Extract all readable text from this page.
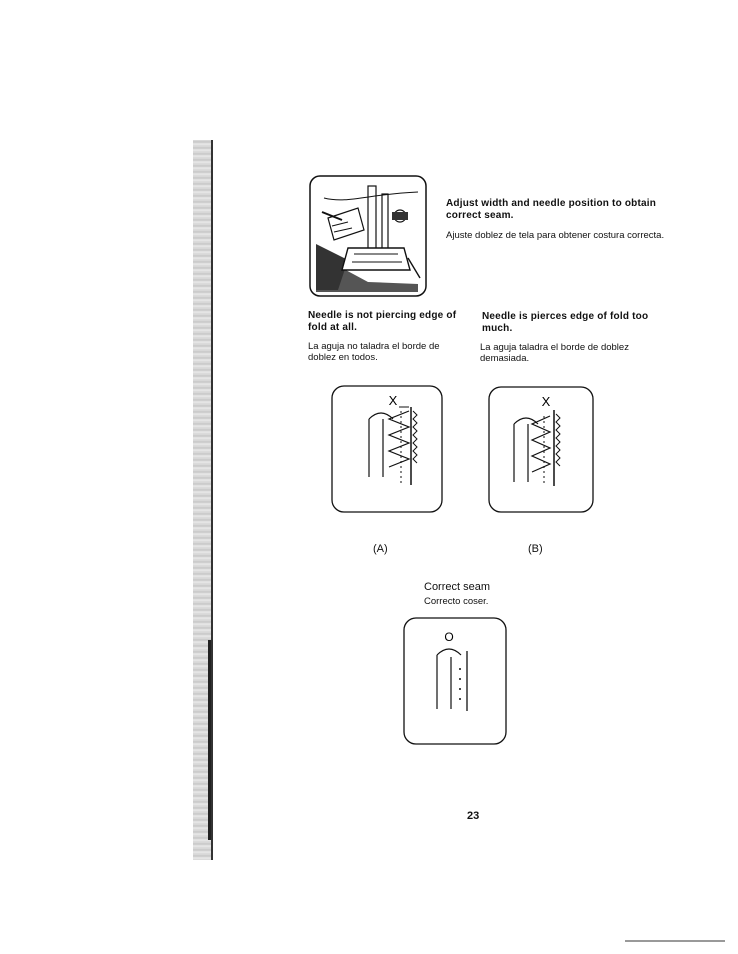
Adjust width and needle position to obtain correct seam.
Ajuste doblez de tela para obtener costura correcta.
Needle is not piercing edge of fold at all.
La aguja no taladra el borde de doblez en todos.
Needle is pierces edge of fold too much.
La aguja taladra el borde de doblez demasiada.
X	X
(A)	(B)
Correct seam
Correcto coser.
O
23
